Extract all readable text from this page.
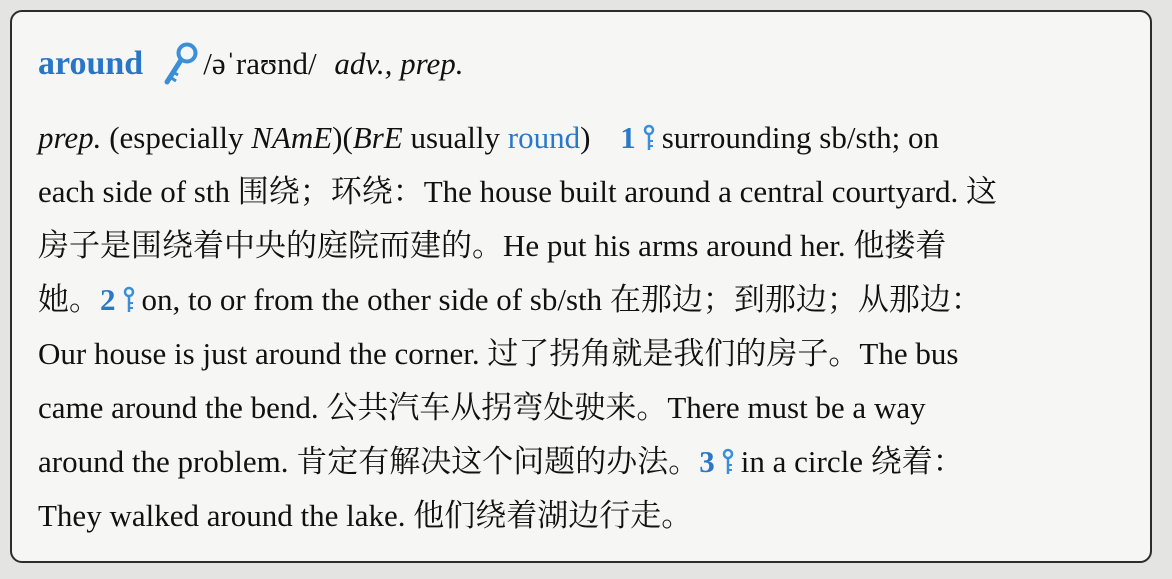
around /əˈraʊnd/ adv., prep.
prep. (especially NAmE)(BrE usually round) 1 surrounding sb/sth; on
each side of sth 围绕；环绕：The house built around a central courtyard. 这
房子是围绕着中央的庭院而建的。He put his arms around her. 他搂着
她。2 on, to or from the other side of sb/sth 在那边；到那边；从那边：
Our house is just around the corner. 过了拐角就是我们的房子。The bus
came around the bend. 公共汽车从拐弯处驶来。There must be a way
around the problem. 肯定有解决这个问题的办法。3 in a circle 绕着：
They walked around the lake. 他们绕着湖边行走。
